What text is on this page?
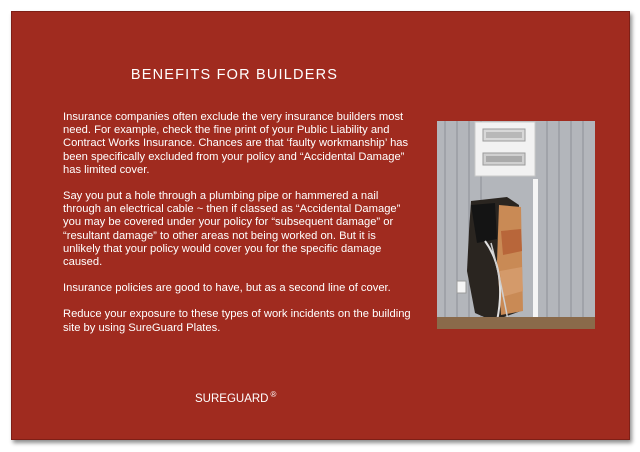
BENEFITS FOR BUILDERS

Insurance companies often exclude the very insurance builders most need. For example, check the fine print of your Public Liability and Contract Works Insurance. Chances are that ‘faulty workmanship’ has been specifically excluded from your policy and “Accidental Damage” has limited cover.

Say you put a hole through a plumbing pipe or hammered a nail through an electrical cable ~ then if classed as “Accidental Damage” you may be covered under your policy for “subsequent damage” or “resultant damage” to other areas not being worked on. But it is unlikely that your policy would cover you for the specific damage caused.

Insurance policies are good to have, but as a second line of cover.

Reduce your exposure to these types of work incidents on the building site by using SureGuard Plates.

SUREGUARD ®
